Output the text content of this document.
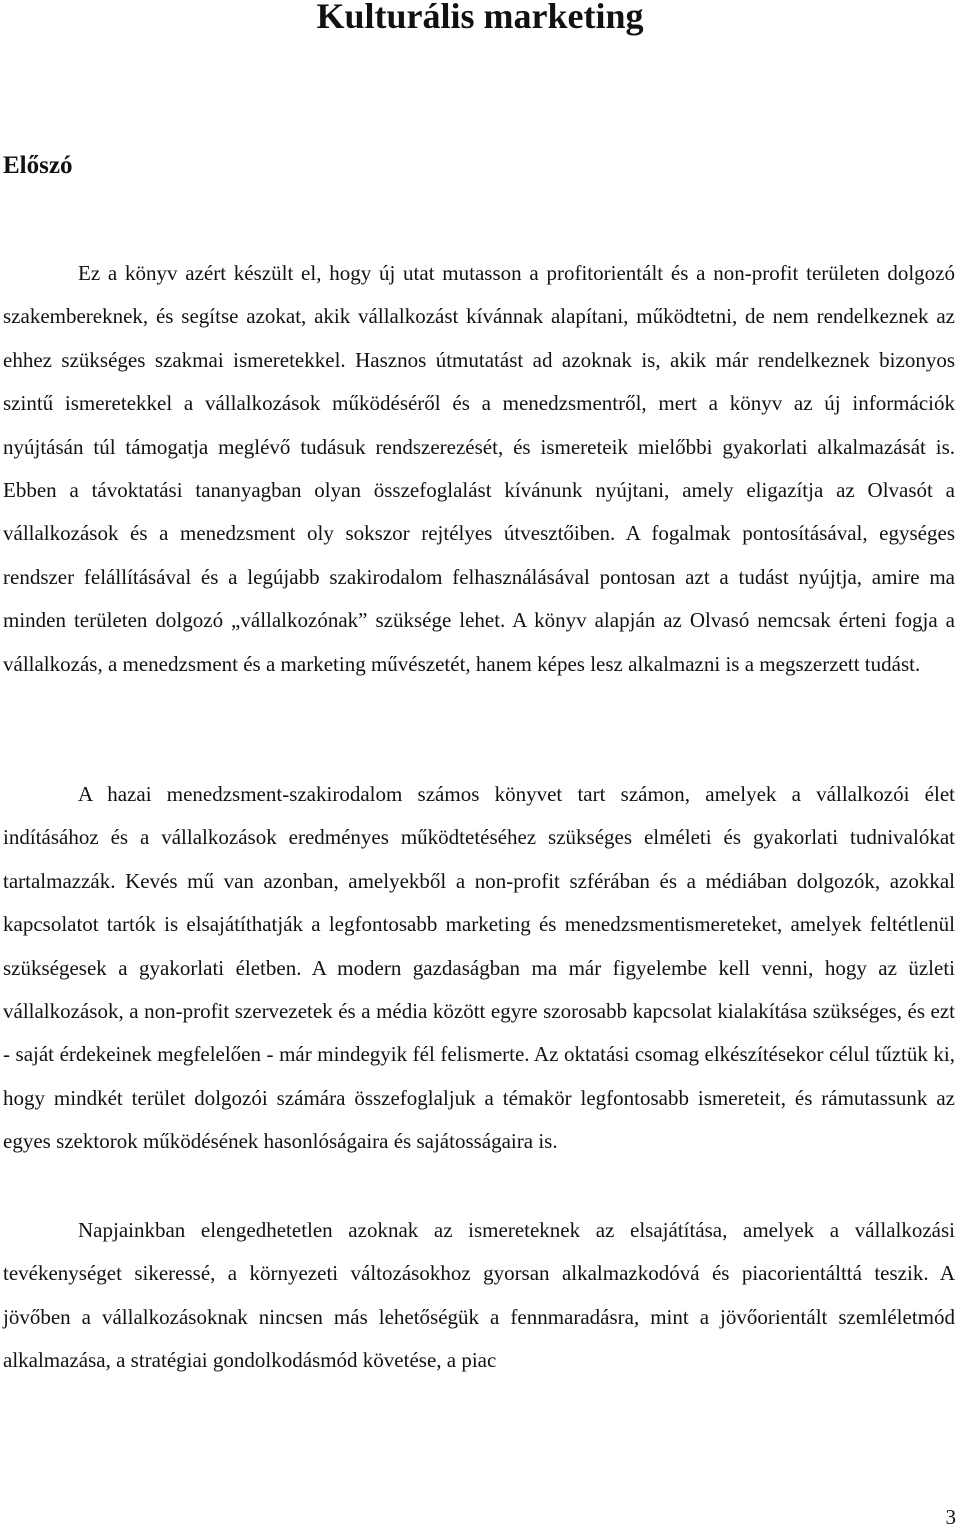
Kulturális marketing
Előszó

Ez a könyv azért készült el, hogy új utat mutasson a profitorientált és a non-profit területen dolgozó szakembereknek, és segítse azokat, akik vállalkozást kívánnak alapítani, működtetni, de nem rendelkeznek az ehhez szükséges szakmai ismeretekkel. Hasznos útmutatást ad azoknak is, akik már rendelkeznek bizonyos szintű ismeretekkel a vállalkozások működéséről és a menedzsmentről, mert a könyv az új információk nyújtásán túl támogatja meglévő tudásuk rendszerezését, és ismereteik mielőbbi gyakorlati alkalmazását is. Ebben a távoktatási tananyagban olyan összefoglalást kívánunk nyújtani, amely eligazítja az Olvasót a vállalkozások és a menedzsment oly sokszor rejtélyes útvesztőiben. A fogalmak pontosításával, egységes rendszer felállításával és a legújabb szakirodalom felhasználásával pontosan azt a tudást nyújtja, amire ma minden területen dolgozó „vállalkozónak” szüksége lehet. A könyv alapján az Olvasó nemcsak érteni fogja a vállalkozás, a menedzsment és a marketing művészetét, hanem képes lesz alkalmazni is a megszerzett tudást.

A hazai menedzsment-szakirodalom számos könyvet tart számon, amelyek a vállalkozói élet indításához és a vállalkozások eredményes működtetéséhez szükséges elméleti és gyakorlati tudnivalókat tartalmazzák. Kevés mű van azonban, amelyekből a non-profit szférában és a médiában dolgozók, azokkal kapcsolatot tartók is elsajátíthatják a legfontosabb marketing és menedzsmentismereteket, amelyek feltétlenül szükségesek a gyakorlati életben. A modern gazdaságban ma már figyelembe kell venni, hogy az üzleti vállalkozások, a non-profit szervezetek és a média között egyre szorosabb kapcsolat kialakítása szükséges, és ezt - saját érdekeinek megfelelően - már mindegyik fél felismerte. Az oktatási csomag elkészítésekor célul tűztük ki, hogy mindkét terület dolgozói számára összefoglaljuk a témakör legfontosabb ismereteit, és rámutassunk az egyes szektorok működésének hasonlóságaira és sajátosságaira is.

Napjainkban elengedhetetlen azoknak az ismereteknek az elsajátítása, amelyek a vállalkozási tevékenységet sikeressé, a környezeti változásokhoz gyorsan alkalmazkodóvá és piacorientálttá teszik. A jövőben a vállalkozásoknak nincsen más lehetőségük a fennmaradásra, mint a jövőorientált szemléletmód alkalmazása, a stratégiai gondolkodásmód követése, a piac

3
